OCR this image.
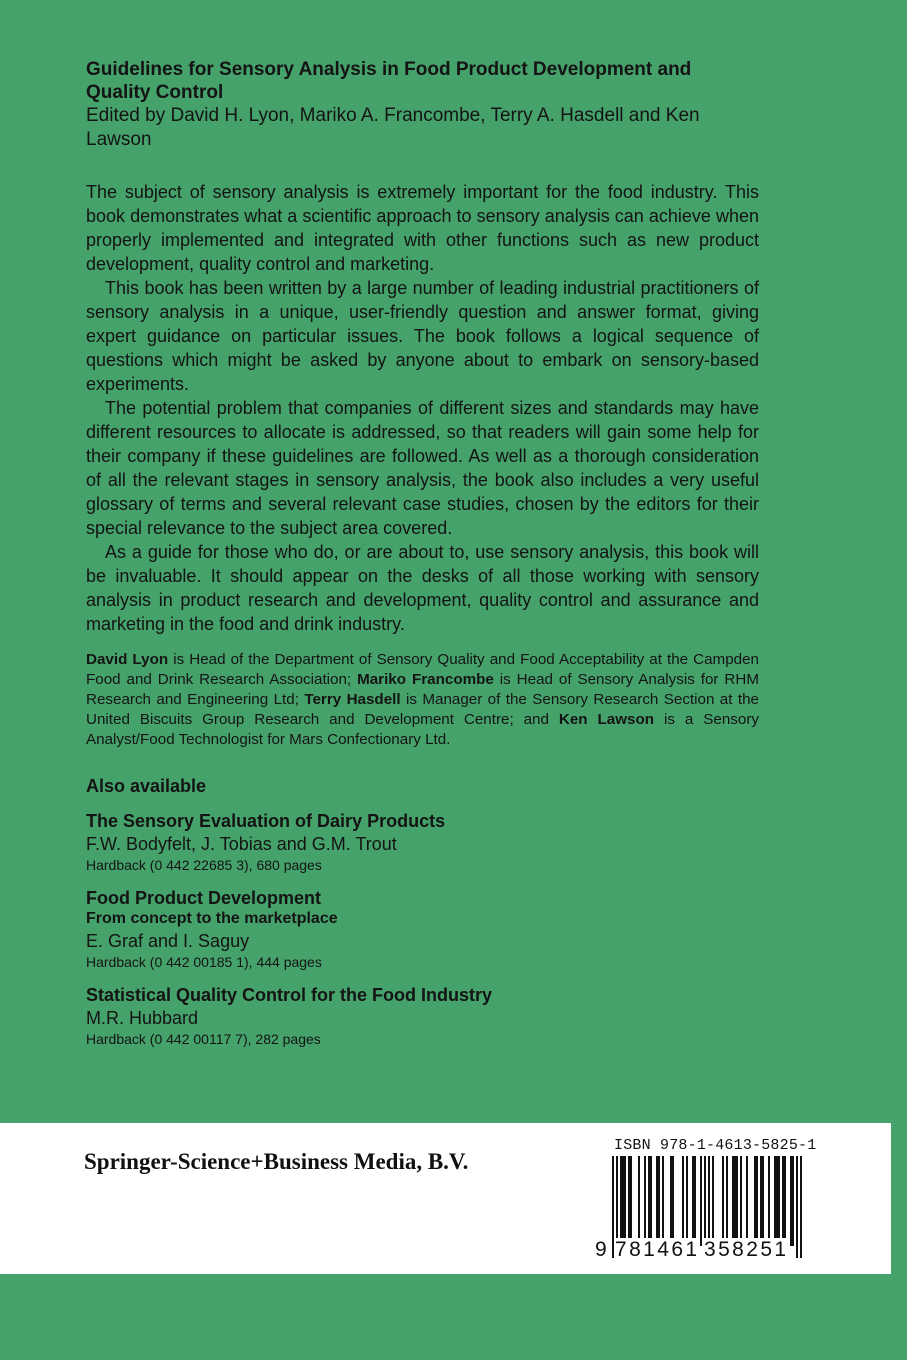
Guidelines for Sensory Analysis in Food Product Development and Quality Control

Edited by David H. Lyon, Mariko A. Francombe, Terry A. Hasdell and Ken Lawson

The subject of sensory analysis is extremely important for the food industry. This book demonstrates what a scientific approach to sensory analysis can achieve when properly implemented and integrated with other functions such as new product development, quality control and marketing.

This book has been written by a large number of leading industrial practitioners of sensory analysis in a unique, user-friendly question and answer format, giving expert guidance on particular issues. The book follows a logical sequence of questions which might be asked by anyone about to embark on sensory-based experiments.

The potential problem that companies of different sizes and standards may have different resources to allocate is addressed, so that readers will gain some help for their company if these guidelines are followed. As well as a thorough consideration of all the relevant stages in sensory analysis, the book also includes a very useful glossary of terms and several relevant case studies, chosen by the editors for their special relevance to the subject area covered.

As a guide for those who do, or are about to, use sensory analysis, this book will be invaluable. It should appear on the desks of all those working with sensory analysis in product research and development, quality control and assurance and marketing in the food and drink industry.

David Lyon is Head of the Department of Sensory Quality and Food Acceptability at the Campden Food and Drink Research Association; Mariko Francombe is Head of Sensory Analysis for RHM Research and Engineering Ltd; Terry Hasdell is Manager of the Sensory Research Section at the United Biscuits Group Research and Development Centre; and Ken Lawson is a Sensory Analyst/Food Technologist for Mars Confectionary Ltd.
Also available
The Sensory Evaluation of Dairy Products
F.W. Bodyfelt, J. Tobias and G.M. Trout
Hardback (0 442 22685 3), 680 pages
Food Product Development
From concept to the marketplace
E. Graf and I. Saguy
Hardback (0 442 00185 1), 444 pages
Statistical Quality Control for the Food Industry
M.R. Hubbard
Hardback (0 442 00117 7), 282 pages
Springer-Science+Business Media, B.V.
ISBN 978-1-4613-5825-1
9 781461 358251
